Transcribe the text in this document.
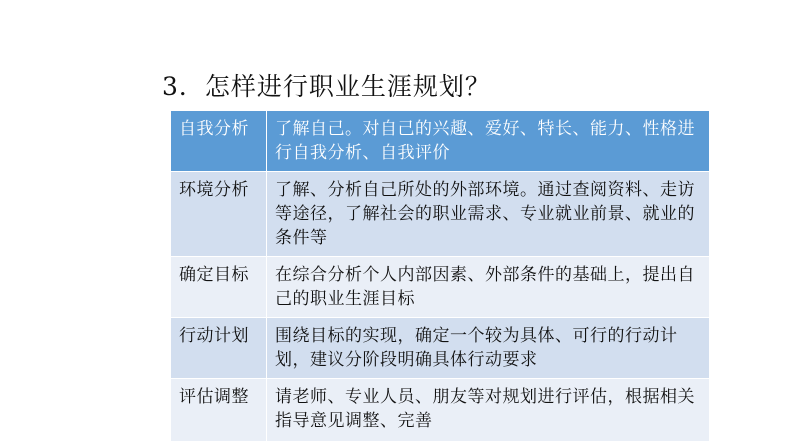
3．怎样进行职业生涯规划？
自我分析	了解自己。对自己的兴趣、爱好、特长、能力、性格进行自我分析、自我评价
环境分析	了解、分析自己所处的外部环境。通过查阅资料、走访等途径，了解社会的职业需求、专业就业前景、就业的条件等
确定目标	在综合分析个人内部因素、外部条件的基础上，提出自己的职业生涯目标
行动计划	围绕目标的实现，确定一个较为具体、可行的行动计划，建议分阶段明确具体行动要求
评估调整	请老师、专业人员、朋友等对规划进行评估，根据相关指导意见调整、完善
